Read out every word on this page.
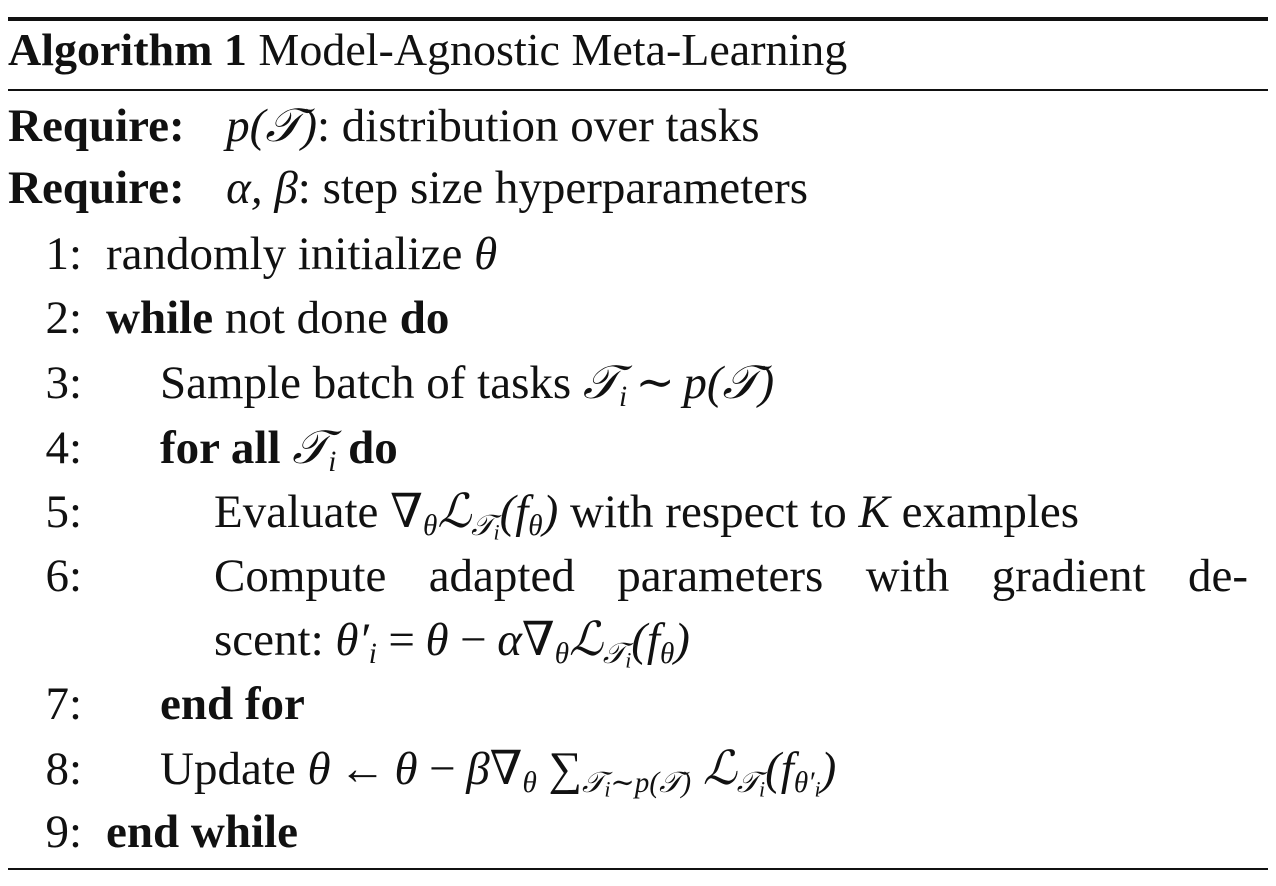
Algorithm 1 Model-Agnostic Meta-Learning
Require: p(𝒯): distribution over tasks
Require: α, β: step size hyperparameters
1: randomly initialize θ
2: while not done do
3: Sample batch of tasks 𝒯$_i$ ∼ p(𝒯)
4: for all 𝒯$_i$ do
5:	Evaluate $\nabla_\theta ℒ_{𝒯i}(f_\theta)$ with respect to K examples
6:	Compute adapted parameters with gradient de-
scent: $\theta'_i = \theta$ − $\alpha\nabla_\theta ℒ_{𝒯i}(f_\theta)$
7: end for
8: Update θ ← $\theta - \beta\nabla_\theta$ $\sum_{𝒯i\sim p(𝒯)}$ $ℒ_{𝒯i}(f_{\theta'i})$
9: end while
